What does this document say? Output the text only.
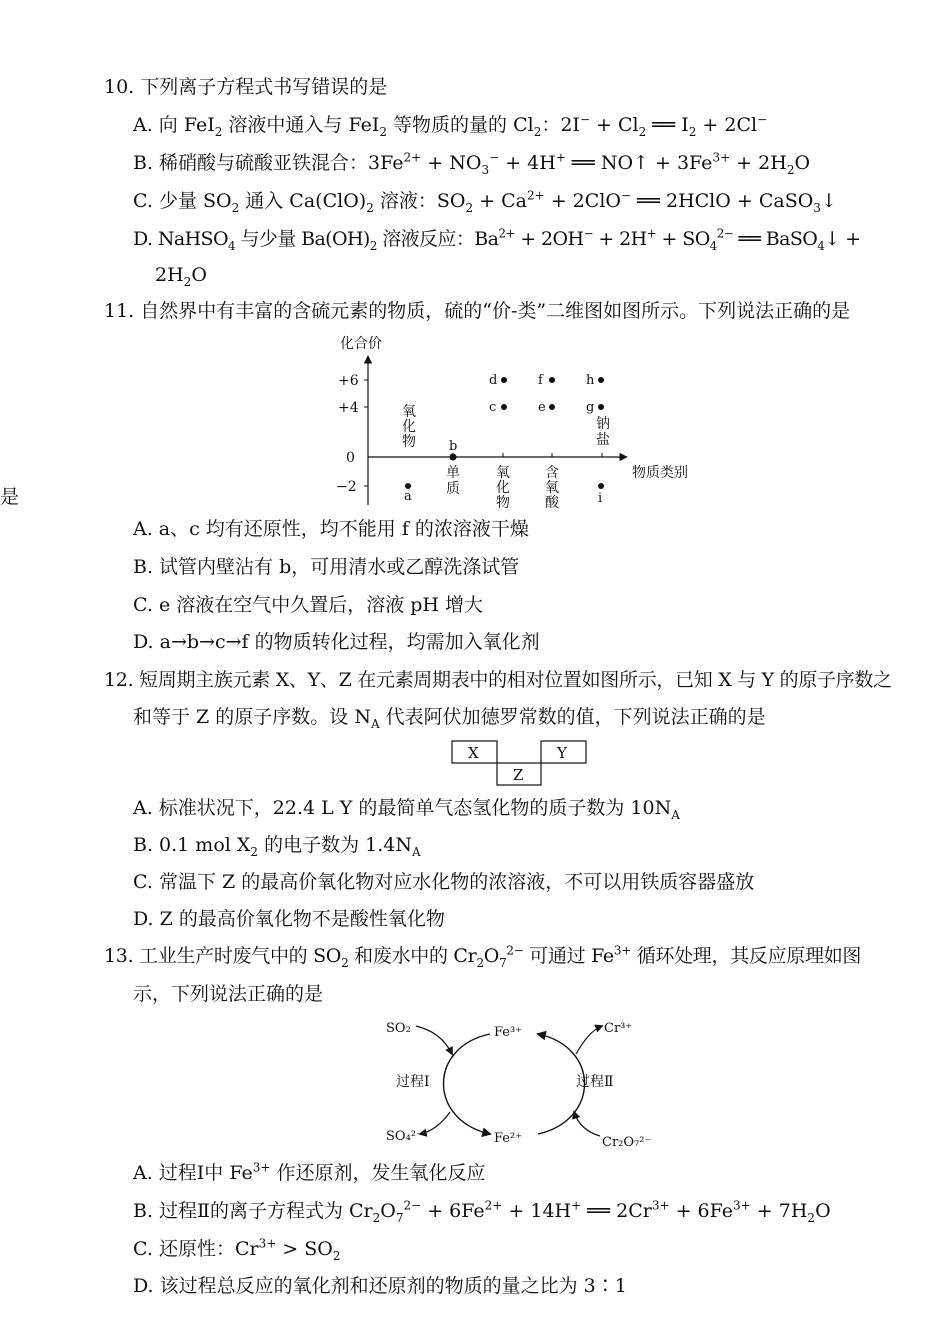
是
10. 下列离子方程式书写错误的是
A. 向 FeI$_2$ 溶液中通入与 FeI$_2$ 等物质的量的 $Cl_2$：$2I^- + Cl_2$ ══ $I_2 + 2Cl^-$
B. 稀硝酸与硫酸亚铁混合：$3Fe^{2+} + NO_3^- + 4H^+$ ══ NO↑ + $3Fe^{3+} + 2H_2O$
C. 少量 $SO_2$ 通入 $Ca(ClO)_2$ 溶液：$SO_2 + Ca^{2+} + 2ClO^-$ ══ 2HClO + CaSO$_3$↓
D. NaHSO$_4$ 与少量 $Ba(OH)_2$ 溶液反应：$Ba^{2+} + 2OH^- + 2H^+ + SO_4^{2-}$ ══ BaSO$_4$↓ +
$2H_2O$
11. 自然界中有丰富的含硫元素的物质，硫的“价-类”二维图如图所示。下列说法正确的是
化合价
物质类别
+6
+4
0
−2
氧
化
物
钠
盐
单
质
氧
化
物
含
氧
酸
a
b
d
c
f
e
h
g
i
A. a、c 均有还原性，均不能用 f 的浓溶液干燥
B. 试管内壁沾有 b，可用清水或乙醇洗涤试管
C. e 溶液在空气中久置后，溶液 pH 增大
D. a→b→c→f 的物质转化过程，均需加入氧化剂
12. 短周期主族元素 X、Y、Z 在元素周期表中的相对位置如图所示，已知 X 与 Y 的原子序数之
和等于 Z 的原子序数。设 $N_A$ 代表阿伏加德罗常数的值，下列说法正确的是
X	Y
Z
A. 标准状况下，22.4 L Y 的最简单气态氢化物的质子数为 $10N_A$
B. 0.1 mol $X_2$ 的电子数为 $1.4N_A$
C. 常温下 Z 的最高价氧化物对应水化物的浓溶液，不可以用铁质容器盛放
D. Z 的最高价氧化物不是酸性氧化物
13. 工业生产时废气中的 $SO_2$ 和废水中的 $Cr_2O_7^{2-}$ 可通过 $Fe^{3+}$ 循环处理，其反应原理如图
示，下列说法正确的是
SO₂	Fe³⁺	Cr³⁺
过程Ⅰ	过程Ⅱ
SO₄²⁻	Fe²⁺	Cr₂O₇²⁻
A. 过程Ⅰ中 $Fe^{3+}$ 作还原剂，发生氧化反应
B. 过程Ⅱ的离子方程式为 $Cr_2O_7^{2-} + 6Fe^{2+} + 14H^+$ ══ $2Cr^{3+} + 6Fe^{3+} + 7H_2O$
C. 还原性：$Cr^{3+} > SO_2$
D. 该过程总反应的氧化剂和还原剂的物质的量之比为 3∶1
